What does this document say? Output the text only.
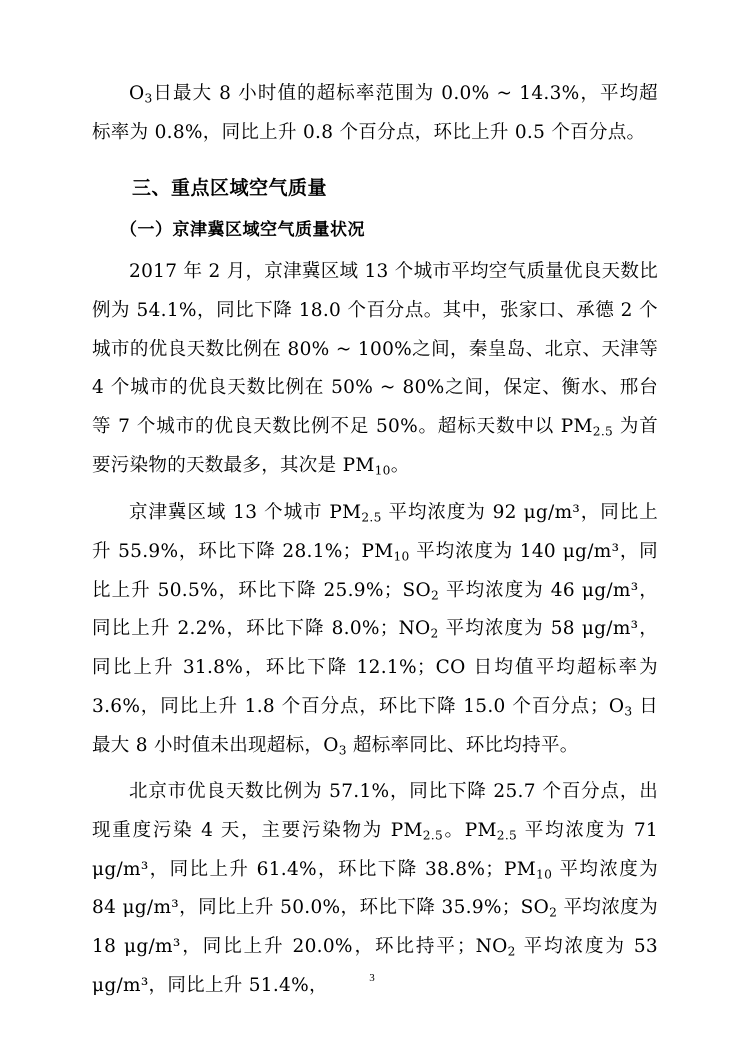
$O_3$日最大 8 小时值的超标率范围为 0.0% ~ 14.3%，平均超标率为 0.8%，同比上升 0.8 个百分点，环比上升 0.5 个百分点。

三、重点区域空气质量
（一）京津冀区域空气质量状况

2017 年 2 月，京津冀区域 13 个城市平均空气质量优良天数比例为 54.1%，同比下降 18.0 个百分点。其中，张家口、承德 2 个城市的优良天数比例在 80% ~ 100%之间，秦皇岛、北京、天津等 4 个城市的优良天数比例在 50% ~ 80%之间，保定、衡水、邢台等 7 个城市的优良天数比例不足 50%。超标天数中以 $PM_{2.5}$ 为首要污染物的天数最多，其次是 $PM_{10}$。

京津冀区域 13 个城市 $PM_{2.5}$ 平均浓度为 92 μg/m³，同比上升 55.9%，环比下降 28.1%；$PM_{10}$ 平均浓度为 140 μg/m³，同比上升 50.5%，环比下降 25.9%；$SO_2$ 平均浓度为 46 μg/m³，同比上升 2.2%，环比下降 8.0%；$NO_2$ 平均浓度为 58 μg/m³，同比上升 31.8%，环比下降 12.1%；CO 日均值平均超标率为 3.6%，同比上升 1.8 个百分点，环比下降 15.0 个百分点；$O_3$ 日最大 8 小时值未出现超标，$O_3$ 超标率同比、环比均持平。

北京市优良天数比例为 57.1%，同比下降 25.7 个百分点，出现重度污染 4 天，主要污染物为 $PM_{2.5}$。$PM_{2.5}$ 平均浓度为 71 μg/m³，同比上升 61.4%，环比下降 38.8%；$PM_{10}$ 平均浓度为 84 μg/m³，同比上升 50.0%，环比下降 35.9%；$SO_2$ 平均浓度为 18 μg/m³，同比上升 20.0%，环比持平；$NO_2$ 平均浓度为 53 μg/m³，同比上升 51.4%，	3
